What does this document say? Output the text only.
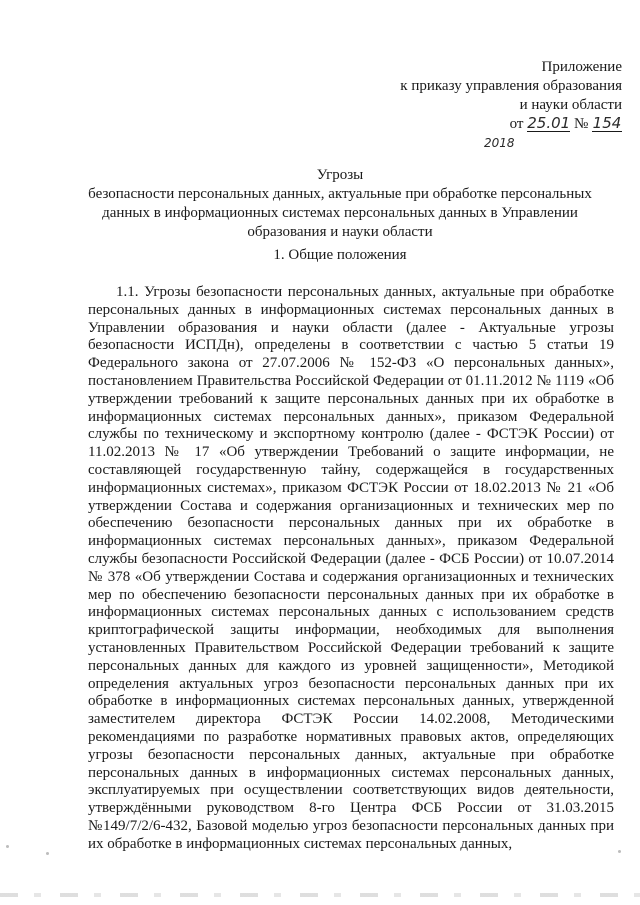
Приложение
к приказу управления образования
и науки области
от 25.01 № 154
2018
Угрозы
безопасности персональных данных, актуальные при обработке персональных
данных в информационных системах персональных данных в Управлении
образования и науки области
1. Общие положения

1.1. Угрозы безопасности персональных данных, актуальные при обработке персональных данных в информационных системах персональных данных в Управлении образования и науки области (далее - Актуальные угрозы безопасности ИСПДн), определены в соответствии с частью 5 статьи 19 Федерального закона от 27.07.2006 № 152-ФЗ «О персональных данных», постановлением Правительства Российской Федерации от 01.11.2012 № 1119 «Об утверждении требований к защите персональных данных при их обработке в информационных системах персональных данных», приказом Федеральной службы по техническому и экспортному контролю (далее - ФСТЭК России) от 11.02.2013 № 17 «Об утверждении Требований о защите информации, не составляющей государственную тайну, содержащейся в государственных информационных системах», приказом ФСТЭК России от 18.02.2013 № 21 «Об утверждении Состава и содержания организационных и технических мер по обеспечению безопасности персональных данных при их обработке в информационных системах персональных данных», приказом Федеральной службы безопасности Российской Федерации (далее - ФСБ России) от 10.07.2014 № 378 «Об утверждении Состава и содержания организационных и технических мер по обеспечению безопасности персональных данных при их обработке в информационных системах персональных данных с использованием средств криптографической защиты информации, необходимых для выполнения установленных Правительством Российской Федерации требований к защите персональных данных для каждого из уровней защищенности», Методикой определения актуальных угроз безопасности персональных данных при их обработке в информационных системах персональных данных, утвержденной заместителем директора ФСТЭК России 14.02.2008, Методическими рекомендациями по разработке нормативных правовых актов, определяющих угрозы безопасности персональных данных, актуальные при обработке персональных данных в информационных системах персональных данных, эксплуатируемых при осуществлении соответствующих видов деятельности, утверждёнными руководством 8-го Центра ФСБ России от 31.03.2015 №149/7/2/6-432, Базовой моделью угроз безопасности персональных данных при их обработке в информационных системах персональных данных,
